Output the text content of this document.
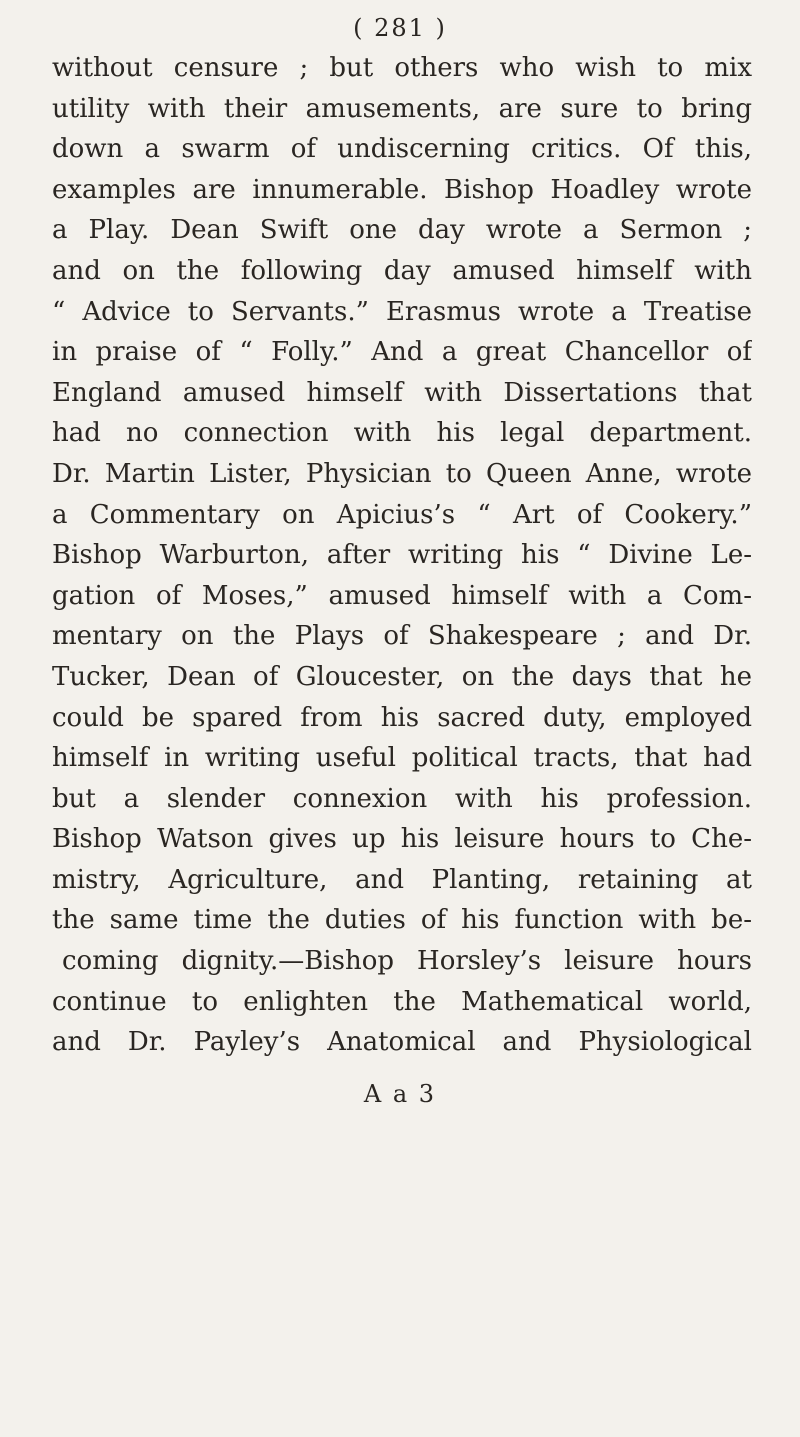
( 281 )
without censure ; but others who wish to mix
utility with their amusements, are sure to bring
down a swarm of undiscerning critics. Of this,
examples are innumerable. Bishop Hoadley wrote
a Play. Dean Swift one day wrote a Sermon ;
and on the following day amused himself with
“ Advice to Servants.” Erasmus wrote a Treatise
in praise of “ Folly.” And a great Chancellor of
England amused himself with Dissertations that
had no connection with his legal department.
Dr. Martin Lister, Physician to Queen Anne, wrote
a Commentary on Apicius’s “ Art of Cookery.”
Bishop Warburton, after writing his “ Divine Le-
gation of Moses,” amused himself with a Com-
mentary on the Plays of Shakespeare ; and Dr.
Tucker, Dean of Gloucester, on the days that he
could be spared from his sacred duty, employed
himself in writing useful political tracts, that had
but a slender connexion with his profession.
Bishop Watson gives up his leisure hours to Che-
mistry, Agriculture, and Planting, retaining at
the same time the duties of his function with be-
coming dignity.—Bishop Horsley’s leisure hours
continue to enlighten the Mathematical world,
and Dr. Payley’s Anatomical and Physiological
A a 3
